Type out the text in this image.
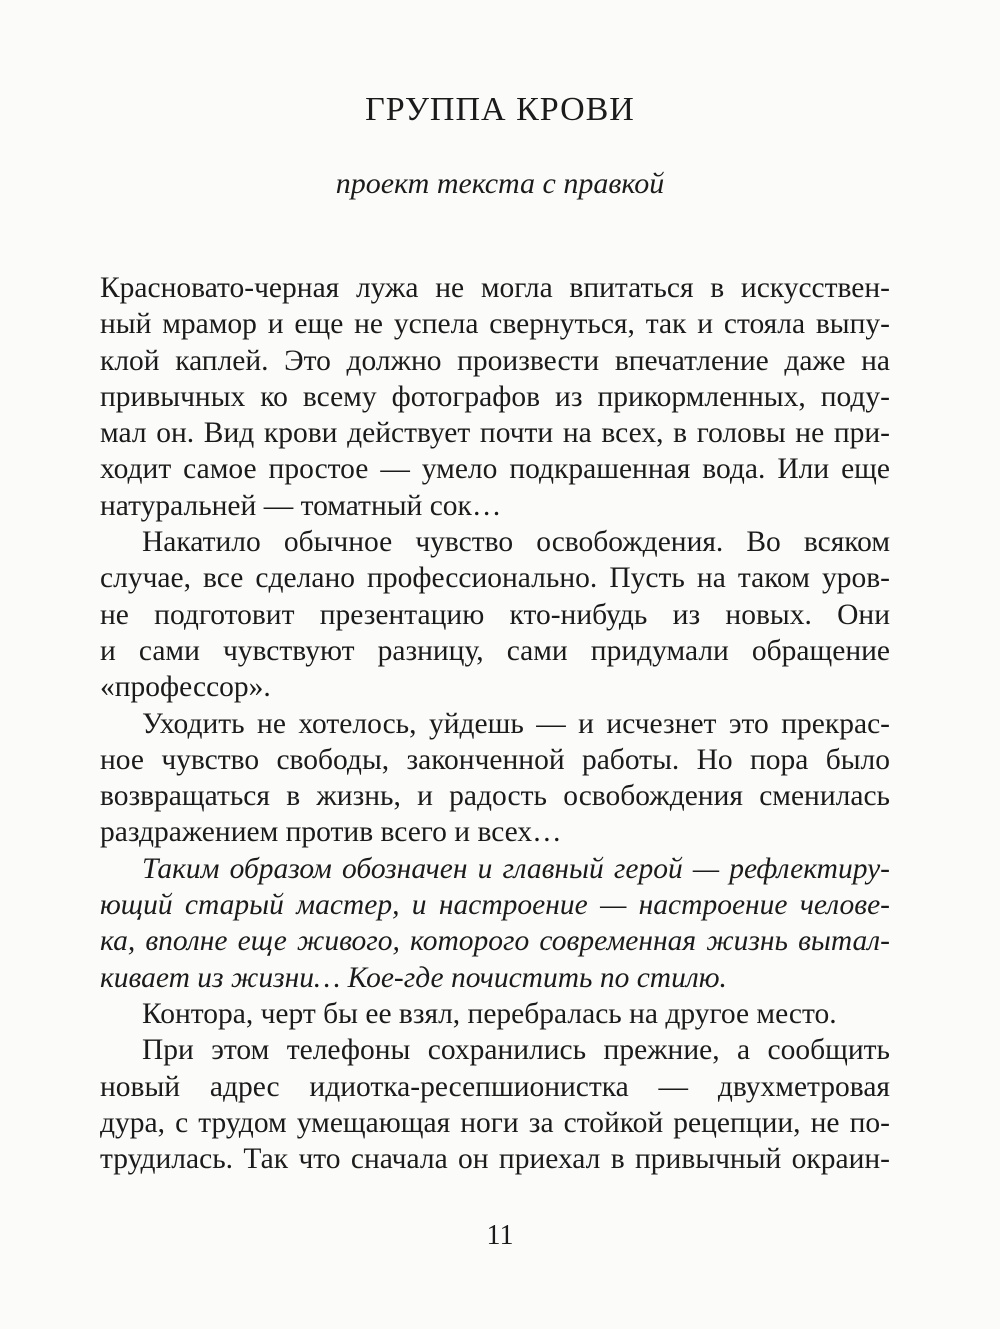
ГРУППА КРОВИ
проект текста с правкой
Красновато-черная лужа не могла впитаться в искусствен-
ный мрамор и еще не успела свернуться, так и стояла выпу-
клой каплей. Это должно произвести впечатление даже на
привычных ко всему фотографов из прикормленных, поду-
мал он. Вид крови действует почти на всех, в головы не при-
ходит самое простое — умело подкрашенная вода. Или еще
натуральней — томатный сок…
Накатило обычное чувство освобождения. Во всяком
случае, все сделано профессионально. Пусть на таком уров-
не подготовит презентацию кто-нибудь из новых. Они
и сами чувствуют разницу, сами придумали обращение
«профессор».
Уходить не хотелось, уйдешь — и исчезнет это прекрас-
ное чувство свободы, законченной работы. Но пора было
возвращаться в жизнь, и радость освобождения сменилась
раздражением против всего и всех…
Таким образом обозначен и главный герой — рефлектиру-
ющий старый мастер, и настроение — настроение челове-
ка, вполне еще живого, которого современная жизнь вытал-
кивает из жизни… Кое-где почистить по стилю.
Контора, черт бы ее взял, перебралась на другое место.
При этом телефоны сохранились прежние, а сообщить
новый адрес идиотка-ресепшионистка — двухметровая
дура, с трудом умещающая ноги за стойкой рецепции, не по-
трудилась. Так что сначала он приехал в привычный окраин-
11
